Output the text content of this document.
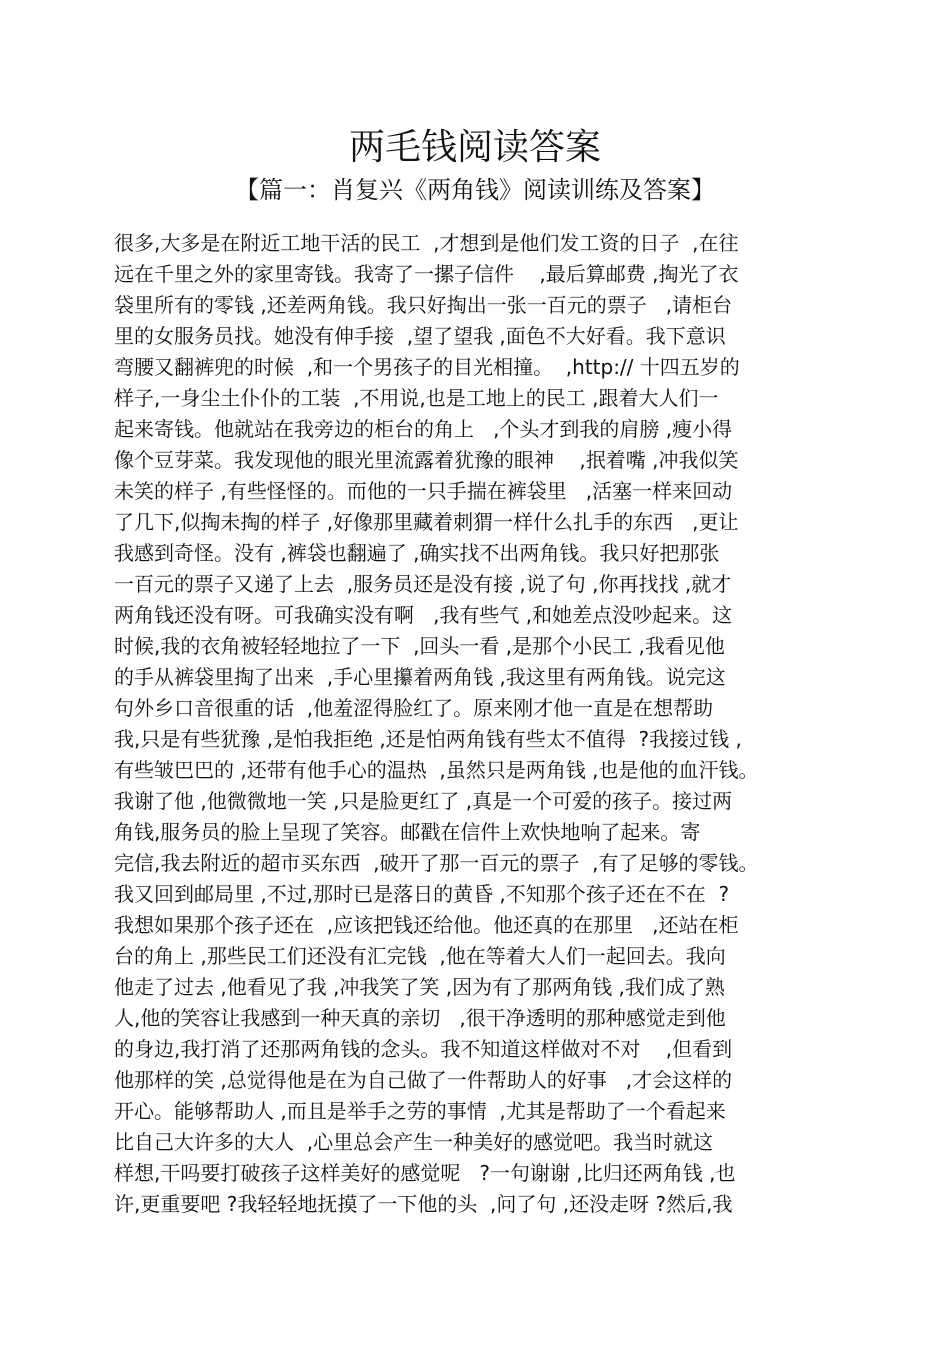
两毛钱阅读答案
【篇一：肖复兴《两角钱》阅读训练及答案】
很多,大多是在附近工地干活的民工  ,才想到是他们发工资的日子  ,在往
远在千里之外的家里寄钱。我寄了一摞子信件    ,最后算邮费 ,掏光了衣
袋里所有的零钱 ,还差两角钱。我只好掏出一张一百元的票子   ,请柜台
里的女服务员找。她没有伸手接  ,望了望我 ,面色不大好看。我下意识
弯腰又翻裤兜的时候  ,和一个男孩子的目光相撞。  ,http:// 十四五岁的
样子,一身尘土仆仆的工装  ,不用说,也是工地上的民工 ,跟着大人们一
起来寄钱。他就站在我旁边的柜台的角上   ,个头才到我的肩膀 ,瘦小得
像个豆芽菜。我发现他的眼光里流露着犹豫的眼神    ,抿着嘴 ,冲我似笑
未笑的样子 ,有些怪怪的。而他的一只手揣在裤袋里   ,活塞一样来回动
了几下,似掏未掏的样子 ,好像那里藏着刺猬一样什么扎手的东西   ,更让
我感到奇怪。没有 ,裤袋也翻遍了 ,确实找不出两角钱。我只好把那张
一百元的票子又递了上去  ,服务员还是没有接 ,说了句 ,你再找找 ,就才
两角钱还没有呀。可我确实没有啊   ,我有些气 ,和她差点没吵起来。这
时候,我的衣角被轻轻地拉了一下  ,回头一看 ,是那个小民工 ,我看见他
的手从裤袋里掏了出来  ,手心里攥着两角钱 ,我这里有两角钱。说完这
句外乡口音很重的话  ,他羞涩得脸红了。原来刚才他一直是在想帮助
我,只是有些犹豫 ,是怕我拒绝 ,还是怕两角钱有些太不值得  ?我接过钱 ,
有些皱巴巴的 ,还带有他手心的温热  ,虽然只是两角钱 ,也是他的血汗钱。
我谢了他 ,他微微地一笑 ,只是脸更红了 ,真是一个可爱的孩子。接过两
角钱,服务员的脸上呈现了笑容。邮戳在信件上欢快地响了起来。寄
完信,我去附近的超市买东西  ,破开了那一百元的票子  ,有了足够的零钱。
我又回到邮局里 ,不过,那时已是落日的黄昏 ,不知那个孩子还在不在  ?
我想如果那个孩子还在  ,应该把钱还给他。他还真的在那里   ,还站在柜
台的角上 ,那些民工们还没有汇完钱  ,他在等着大人们一起回去。我向
他走了过去 ,他看见了我 ,冲我笑了笑 ,因为有了那两角钱 ,我们成了熟
人,他的笑容让我感到一种天真的亲切   ,很干净透明的那种感觉走到他
的身边,我打消了还那两角钱的念头。我不知道这样做对不对    ,但看到
他那样的笑 ,总觉得他是在为自己做了一件帮助人的好事   ,才会这样的
开心。能够帮助人 ,而且是举手之劳的事情  ,尤其是帮助了一个看起来
比自己大许多的大人  ,心里总会产生一种美好的感觉吧。我当时就这
样想,干吗要打破孩子这样美好的感觉呢   ?一句谢谢 ,比归还两角钱 ,也
许,更重要吧 ?我轻轻地抚摸了一下他的头  ,问了句 ,还没走呀 ?然后,我
